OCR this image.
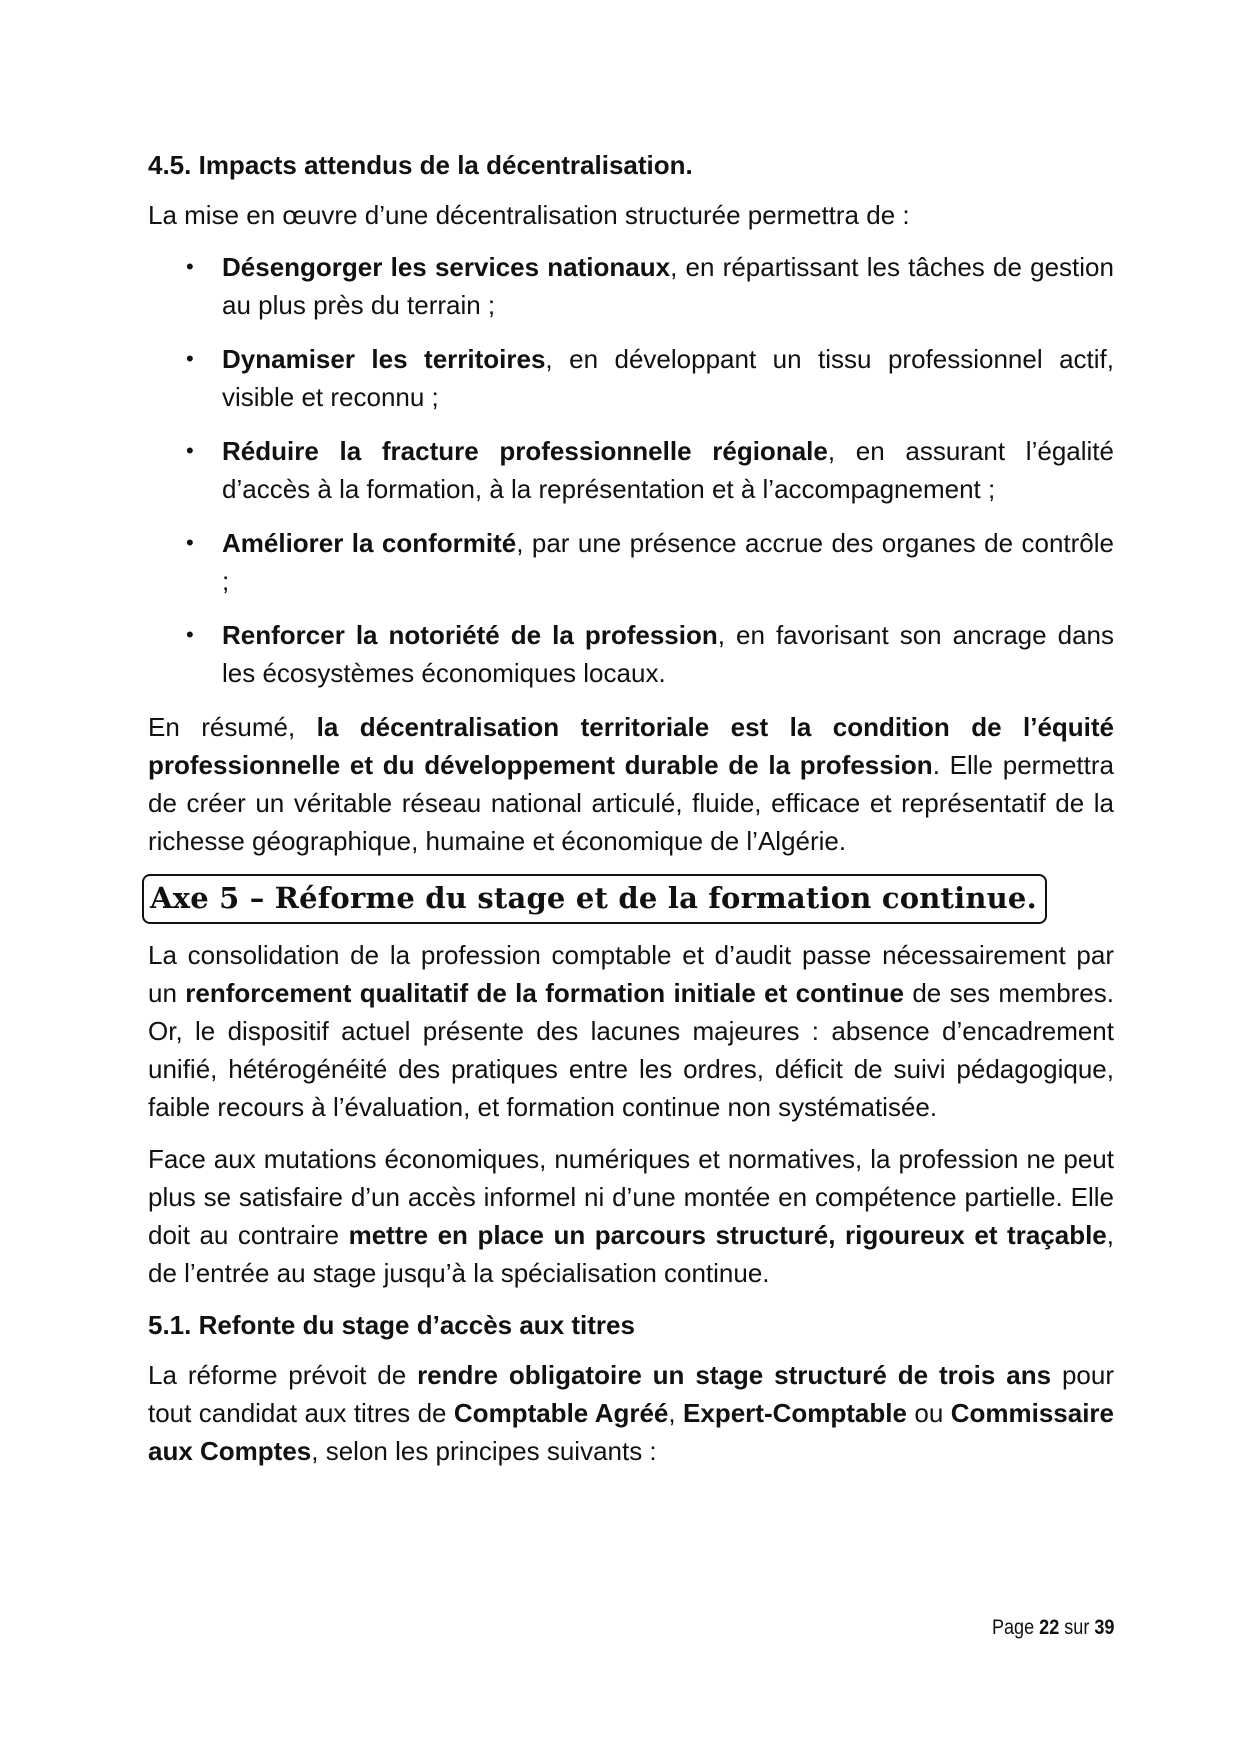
4.5. Impacts attendus de la décentralisation.

La mise en œuvre d’une décentralisation structurée permettra de :

• Désengorger les services nationaux, en répartissant les tâches de gestion au plus près du terrain ;
• Dynamiser les territoires, en développant un tissu professionnel actif, visible et reconnu ;
• Réduire la fracture professionnelle régionale, en assurant l’égalité d’accès à la formation, à la représentation et à l’accompagnement ;
• Améliorer la conformité, par une présence accrue des organes de contrôle ;
• Renforcer la notoriété de la profession, en favorisant son ancrage dans les écosystèmes économiques locaux.

En résumé, la décentralisation territoriale est la condition de l’équité professionnelle et du développement durable de la profession. Elle permettra de créer un véritable réseau national articulé, fluide, efficace et représentatif de la richesse géographique, humaine et économique de l’Algérie.

Axe 5 – Réforme du stage et de la formation continue.

La consolidation de la profession comptable et d’audit passe nécessairement par un renforcement qualitatif de la formation initiale et continue de ses membres. Or, le dispositif actuel présente des lacunes majeures : absence d’encadrement unifié, hétérogénéité des pratiques entre les ordres, déficit de suivi pédagogique, faible recours à l’évaluation, et formation continue non systématisée.

Face aux mutations économiques, numériques et normatives, la profession ne peut plus se satisfaire d’un accès informel ni d’une montée en compétence partielle. Elle doit au contraire mettre en place un parcours structuré, rigoureux et traçable, de l’entrée au stage jusqu’à la spécialisation continue.

5.1. Refonte du stage d’accès aux titres

La réforme prévoit de rendre obligatoire un stage structuré de trois ans pour tout candidat aux titres de Comptable Agréé, Expert-Comptable ou Commissaire aux Comptes, selon les principes suivants :

Page 22 sur 39
